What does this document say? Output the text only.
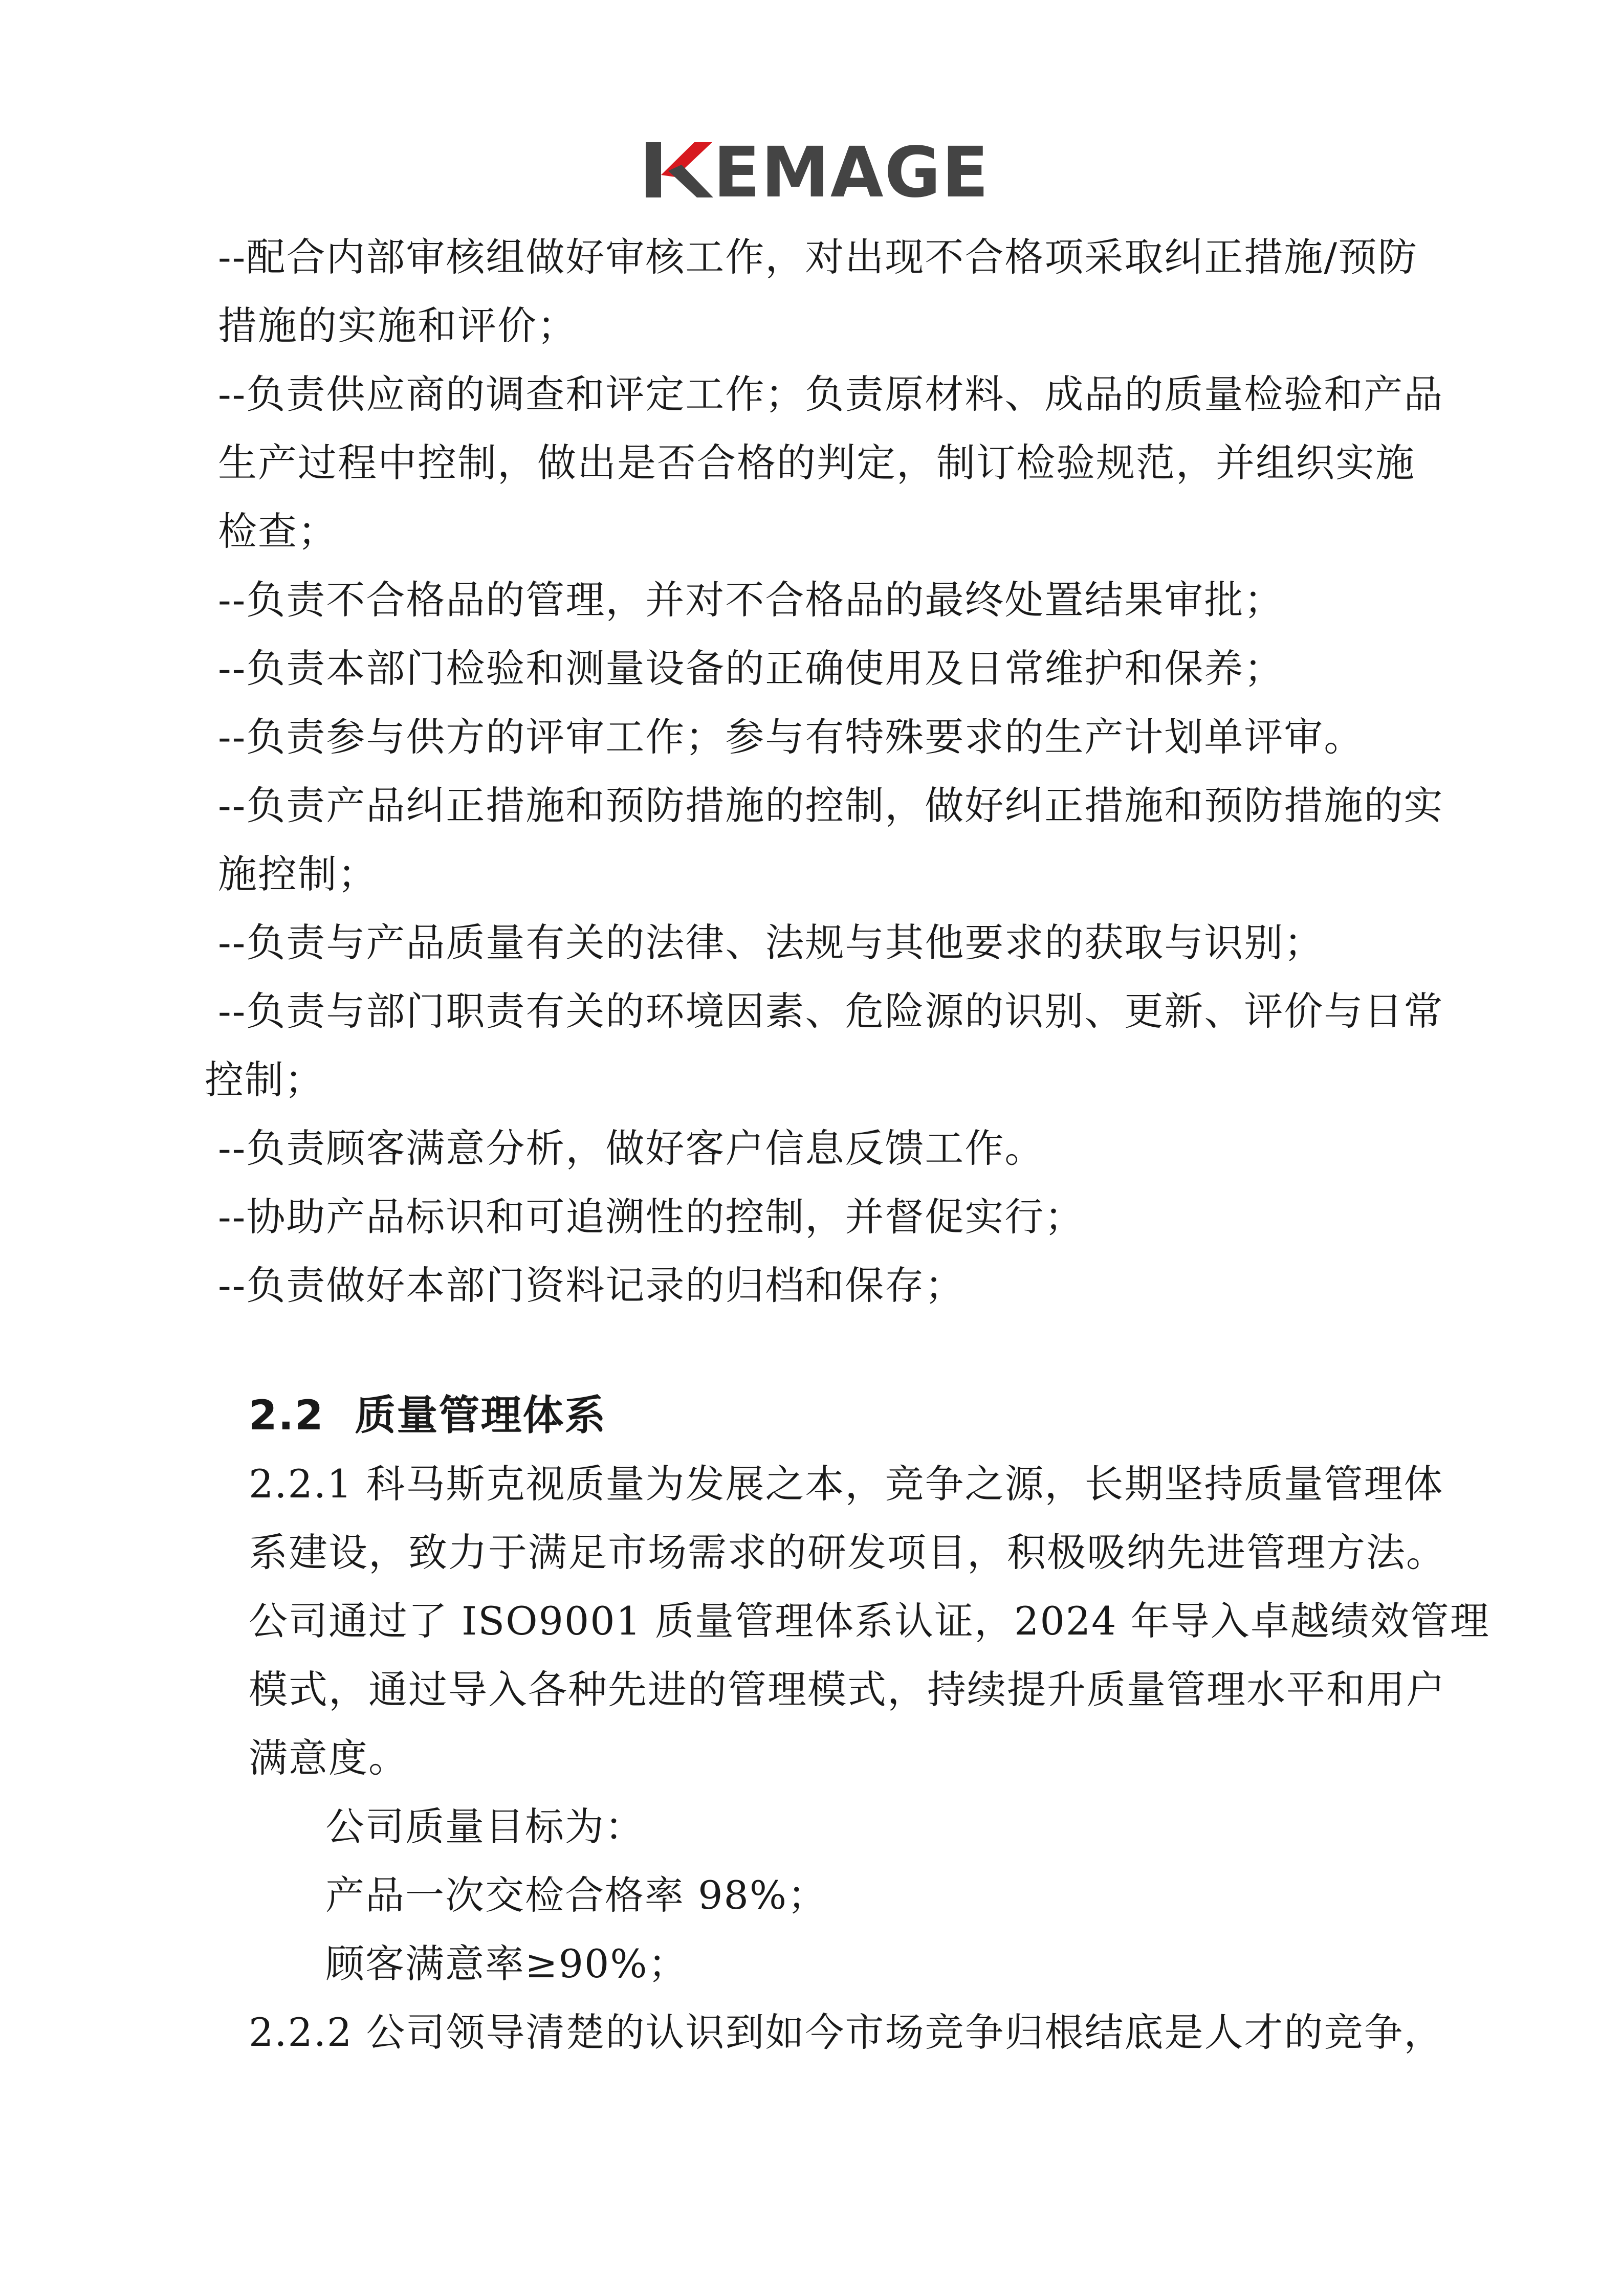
EMAGE
--配合内部审核组做好审核工作，对出现不合格项采取纠正措施/预防
措施的实施和评价；
--负责供应商的调查和评定工作；负责原材料、成品的质量检验和产品
生产过程中控制，做出是否合格的判定，制订检验规范，并组织实施
检查；
--负责不合格品的管理，并对不合格品的最终处置结果审批；
--负责本部门检验和测量设备的正确使用及日常维护和保养；
--负责参与供方的评审工作；参与有特殊要求的生产计划单评审。
--负责产品纠正措施和预防措施的控制，做好纠正措施和预防措施的实
施控制；
--负责与产品质量有关的法律、法规与其他要求的获取与识别；
--负责与部门职责有关的环境因素、危险源的识别、更新、评价与日常
控制；
--负责顾客满意分析，做好客户信息反馈工作。
--协助产品标识和可追溯性的控制，并督促实行；
--负责做好本部门资料记录的归档和保存；
2.2 质量管理体系
2.2.1 科马斯克视质量为发展之本，竞争之源，长期坚持质量管理体
系建设，致力于满足市场需求的研发项目，积极吸纳先进管理方法。
公司通过了 ISO9001 质量管理体系认证，2024 年导入卓越绩效管理
模式，通过导入各种先进的管理模式，持续提升质量管理水平和用户
满意度。
公司质量目标为：
产品一次交检合格率 98%；
顾客满意率≥90%；
2.2.2 公司领导清楚的认识到如今市场竞争归根结底是人才的竞争，
